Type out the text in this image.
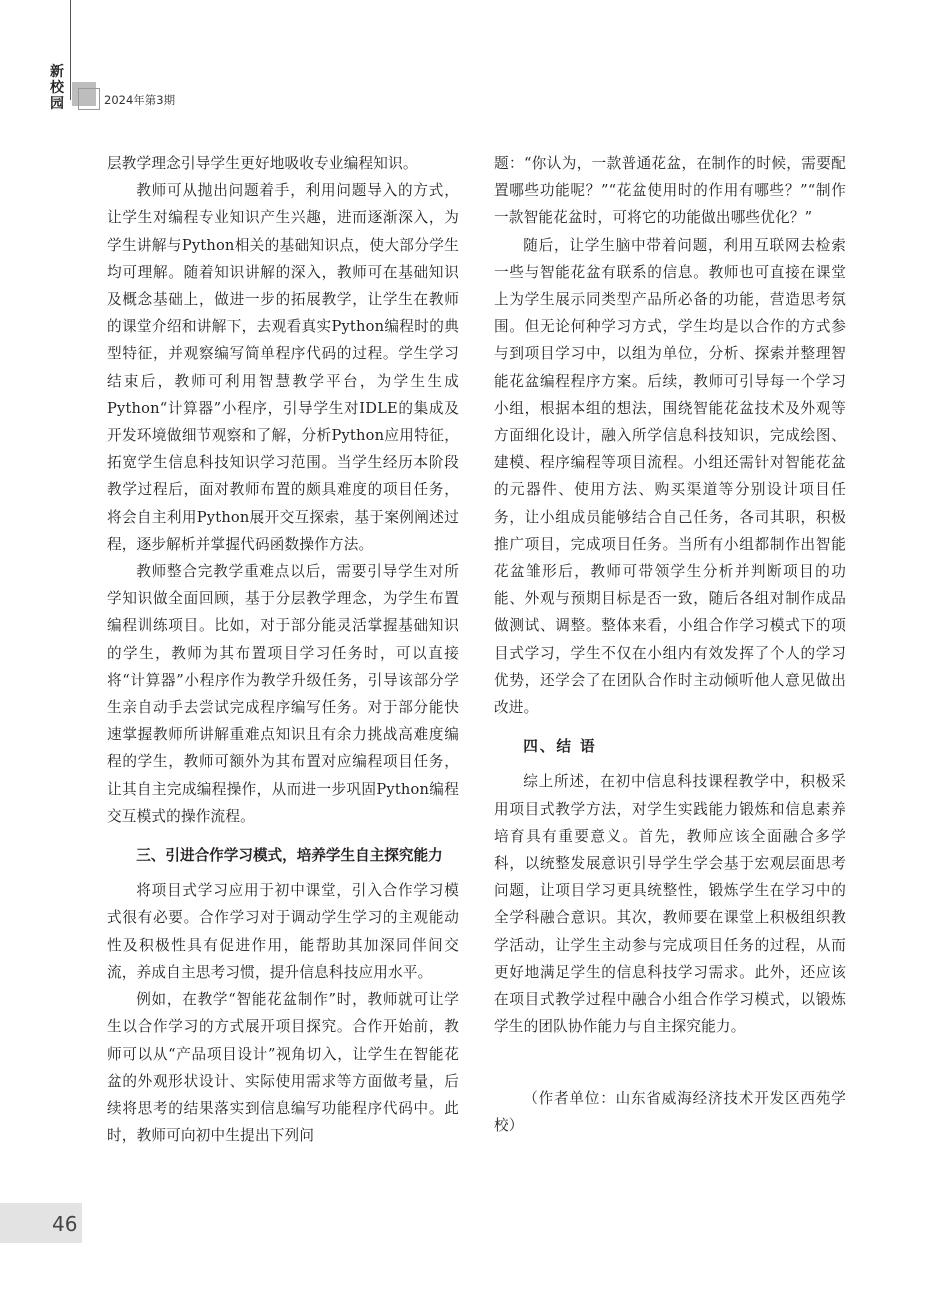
新
校
园	2024年第3期

层教学理念引导学生更好地吸收专业编程知识。

教师可从抛出问题着手，利用问题导入的方式，让学生对编程专业知识产生兴趣，进而逐渐深入，为学生讲解与Python相关的基础知识点，使大部分学生均可理解。随着知识讲解的深入，教师可在基础知识及概念基础上，做进一步的拓展教学，让学生在教师的课堂介绍和讲解下，去观看真实Python编程时的典型特征，并观察编写简单程序代码的过程。学生学习结束后，教师可利用智慧教学平台，为学生生成Python“计算器”小程序，引导学生对IDLE的集成及开发环境做细节观察和了解，分析Python应用特征，拓宽学生信息科技知识学习范围。当学生经历本阶段教学过程后，面对教师布置的颇具难度的项目任务，将会自主利用Python展开交互探索，基于案例阐述过程，逐步解析并掌握代码函数操作方法。

教师整合完教学重难点以后，需要引导学生对所学知识做全面回顾，基于分层教学理念，为学生布置编程训练项目。比如，对于部分能灵活掌握基础知识的学生，教师为其布置项目学习任务时，可以直接将“计算器”小程序作为教学升级任务，引导该部分学生亲自动手去尝试完成程序编写任务。对于部分能快速掌握教师所讲解重难点知识且有余力挑战高难度编程的学生，教师可额外为其布置对应编程项目任务，让其自主完成编程操作，从而进一步巩固Python编程交互模式的操作流程。

三、引进合作学习模式，培养学生自主探究能力

将项目式学习应用于初中课堂，引入合作学习模式很有必要。合作学习对于调动学生学习的主观能动性及积极性具有促进作用，能帮助其加深同伴间交流，养成自主思考习惯，提升信息科技应用水平。

例如，在教学“智能花盆制作”时，教师就可让学生以合作学习的方式展开项目探究。合作开始前，教师可以从“产品项目设计”视角切入，让学生在智能花盆的外观形状设计、实际使用需求等方面做考量，后续将思考的结果落实到信息编写功能程序代码中。此时，教师可向初中生提出下列问

题：“你认为，一款普通花盆，在制作的时候，需要配置哪些功能呢？”“花盆使用时的作用有哪些？”“制作一款智能花盆时，可将它的功能做出哪些优化？”

随后，让学生脑中带着问题，利用互联网去检索一些与智能花盆有联系的信息。教师也可直接在课堂上为学生展示同类型产品所必备的功能，营造思考氛围。但无论何种学习方式，学生均是以合作的方式参与到项目学习中，以组为单位，分析、探索并整理智能花盆编程程序方案。后续，教师可引导每一个学习小组，根据本组的想法，围绕智能花盆技术及外观等方面细化设计，融入所学信息科技知识，完成绘图、建模、程序编程等项目流程。小组还需针对智能花盆的元器件、使用方法、购买渠道等分别设计项目任务，让小组成员能够结合自己任务，各司其职，积极推广项目，完成项目任务。当所有小组都制作出智能花盆雏形后，教师可带领学生分析并判断项目的功能、外观与预期目标是否一致，随后各组对制作成品做测试、调整。整体来看，小组合作学习模式下的项目式学习，学生不仅在小组内有效发挥了个人的学习优势，还学会了在团队合作时主动倾听他人意见做出改进。

四、结 语

综上所述，在初中信息科技课程教学中，积极采用项目式教学方法，对学生实践能力锻炼和信息素养培育具有重要意义。首先，教师应该全面融合多学科，以统整发展意识引导学生学会基于宏观层面思考问题，让项目学习更具统整性，锻炼学生在学习中的全学科融合意识。其次，教师要在课堂上积极组织教学活动，让学生主动参与完成项目任务的过程，从而更好地满足学生的信息科技学习需求。此外，还应该在项目式教学过程中融合小组合作学习模式，以锻炼学生的团队协作能力与自主探究能力。

（作者单位：山东省威海经济技术开发区西苑学校）

46
